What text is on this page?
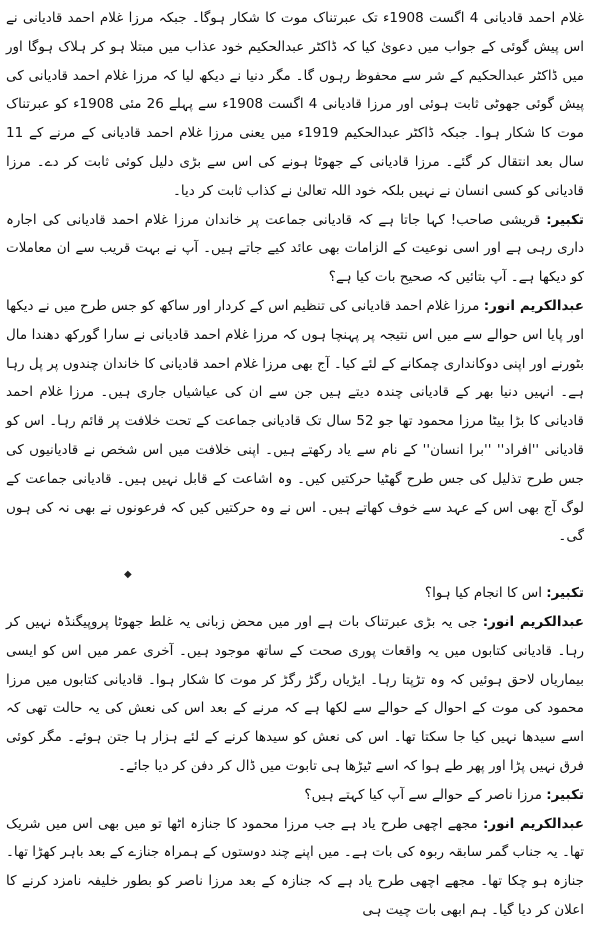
غلام احمد قادیانی 4 اگست 1908ء تک عبرتناک موت کا شکار ہوگا۔ جبکہ مرزا غلام احمد قادیانی نے اس پیش گوئی کے جواب میں دعویٰ کیا کہ ڈاکٹر عبدالحکیم خود عذاب میں مبتلا ہو کر ہلاک ہوگا اور میں ڈاکٹر عبدالحکیم کے شر سے محفوظ رہوں گا۔ مگر دنیا نے دیکھ لیا کہ مرزا غلام احمد قادیانی کی پیش گوئی جھوٹی ثابت ہوئی اور مرزا قادیانی 4 اگست 1908ء سے پہلے 26 مئی 1908ء کو عبرتناک موت کا شکار ہوا۔ جبکہ ڈاکٹر عبدالحکیم 1919ء میں یعنی مرزا غلام احمد قادیانی کے مرنے کے 11 سال بعد انتقال کر گئے۔ مرزا قادیانی کے جھوٹا ہونے کی اس سے بڑی دلیل کوئی ثابت کر دے۔ مرزا قادیانی کو کسی انسان نے نہیں بلکہ خود اللہ تعالیٰ نے کذاب ثابت کر دیا۔

تکبیر: قریشی صاحب! کہا جاتا ہے کہ قادیانی جماعت پر خاندان مرزا غلام احمد قادیانی کی اجارہ داری رہی ہے اور اسی نوعیت کے الزامات بھی عائد کیے جاتے ہیں۔ آپ نے بہت قریب سے ان معاملات کو دیکھا ہے۔ آپ بتائیں کہ صحیح بات کیا ہے؟

عبدالکریم انور: مرزا غلام احمد قادیانی کی تنظیم اس کے کردار اور ساکھ کو جس طرح میں نے دیکھا اور پایا اس حوالے سے میں اس نتیجہ پر پہنچا ہوں کہ مرزا غلام احمد قادیانی نے سارا گورکھ دھندا مال بٹورنے اور اپنی دوکانداری چمکانے کے لئے کیا۔ آج بھی مرزا غلام احمد قادیانی کا خاندان چندوں پر پل رہا ہے۔ انہیں دنیا بھر کے قادیانی چندہ دیتے ہیں جن سے ان کی عیاشیاں جاری ہیں۔ مرزا غلام احمد قادیانی کا بڑا بیٹا مرزا محمود تھا جو 52 سال تک قادیانی جماعت کے تحت خلافت پر قائم رہا۔ اس کو قادیانی ''افراد'' ''برا انسان'' کے نام سے یاد رکھتے ہیں۔ اپنی خلافت میں اس شخص نے قادیانیوں کی جس طرح تذلیل کی جس طرح گھٹیا حرکتیں کیں۔ وہ اشاعت کے قابل نہیں ہیں۔ قادیانی جماعت کے لوگ آج بھی اس کے عہد سے خوف کھاتے ہیں۔ اس نے وہ حرکتیں کیں کہ فرعونوں نے بھی نہ کی ہوں گی۔

◆

تکبیر: اس کا انجام کیا ہوا؟

عبدالکریم انور: جی یہ بڑی عبرتناک بات ہے اور میں محض زبانی یہ غلط جھوٹا پروپیگنڈہ نہیں کر رہا۔ قادیانی کتابوں میں یہ واقعات پوری صحت کے ساتھ موجود ہیں۔ آخری عمر میں اس کو ایسی بیماریاں لاحق ہوئیں کہ وہ تڑپتا رہا۔ ایڑیاں رگڑ رگڑ کر موت کا شکار ہوا۔ قادیانی کتابوں میں مرزا محمود کی موت کے احوال کے حوالے سے لکھا ہے کہ مرنے کے بعد اس کی نعش کی یہ حالت تھی کہ اسے سیدھا نہیں کیا جا سکتا تھا۔ اس کی نعش کو سیدھا کرنے کے لئے ہزار ہا جتن ہوئے۔ مگر کوئی فرق نہیں پڑا اور پھر طے ہوا کہ اسے ٹیڑھا ہی تابوت میں ڈال کر دفن کر دیا جائے۔

تکبیر: مرزا ناصر کے حوالے سے آپ کیا کہتے ہیں؟

عبدالکریم انور: مجھے اچھی طرح یاد ہے جب مرزا محمود کا جنازہ اٹھا تو میں بھی اس میں شریک تھا۔ یہ جناب گمر سابقہ ربوہ کی بات ہے۔ میں اپنے چند دوستوں کے ہمراہ جنازے کے بعد باہر کھڑا تھا۔ جنازہ ہو چکا تھا۔ مجھے اچھی طرح یاد ہے کہ جنازہ کے بعد مرزا ناصر کو بطور خلیفہ نامزد کرنے کا اعلان کر دیا گیا۔ ہم ابھی بات چیت ہی
